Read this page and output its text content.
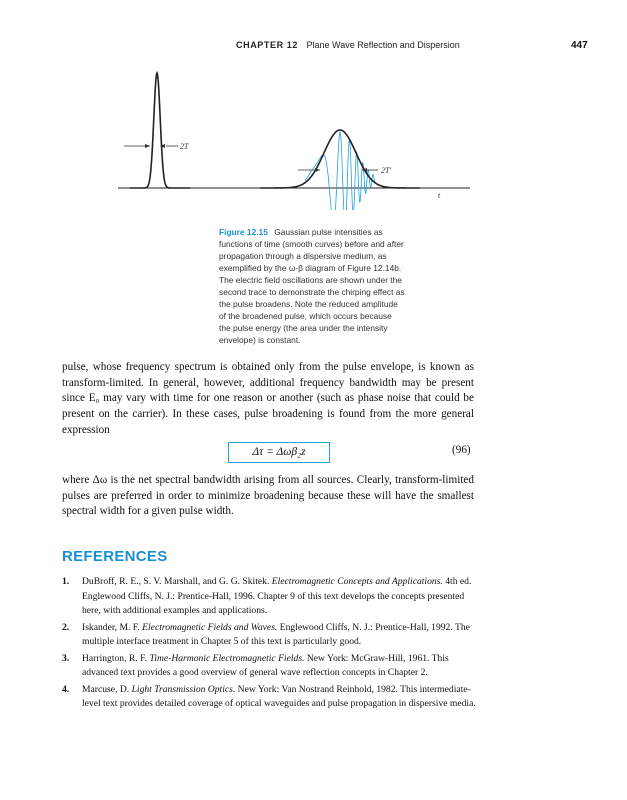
CHAPTER 12 Plane Wave Reflection and Dispersion	447
2T
2T'
t
Figure 12.15 Gaussian pulse intensities as functions of time (smooth curves) before and after propagation through a dispersive medium, as exemplified by the ω-β diagram of Figure 12.14b. The electric field oscillations are shown under the second trace to demonstrate the chirping effect as the pulse broadens. Note the reduced amplitude of the broadened pulse, which occurs because the pulse energy (the area under the intensity envelope) is constant.

pulse, whose frequency spectrum is obtained only from the pulse envelope, is known as transform-limited. In general, however, additional frequency bandwidth may be present since E₀ may vary with time for one reason or another (such as phase noise that could be present on the carrier). In these cases, pulse broadening is found from the more general expression

Δτ = Δωβ₂z	(96)

where Δω is the net spectral bandwidth arising from all sources. Clearly, transform-limited pulses are preferred in order to minimize broadening because these will have the smallest spectral width for a given pulse width.

REFERENCES
1. DuBroff, R. E., S. V. Marshall, and G. G. Skitek. Electromagnetic Concepts and Applications. 4th ed. Englewood Cliffs, N. J.: Prentice-Hall, 1996. Chapter 9 of this text develops the concepts presented here, with additional examples and applications.
2. Iskander, M. F. Electromagnetic Fields and Waves. Englewood Cliffs, N. J.: Prentice-Hall, 1992. The multiple interface treatment in Chapter 5 of this text is particularly good.
3. Harrington, R. F. Time-Harmonic Electromagnetic Fields. New York: McGraw-Hill, 1961. This advanced text provides a good overview of general wave reflection concepts in Chapter 2.
4. Marcuse, D. Light Transmission Optics. New York: Van Nostrand Reinhold, 1982. This intermediate-level text provides detailed coverage of optical waveguides and pulse propagation in dispersive media.
